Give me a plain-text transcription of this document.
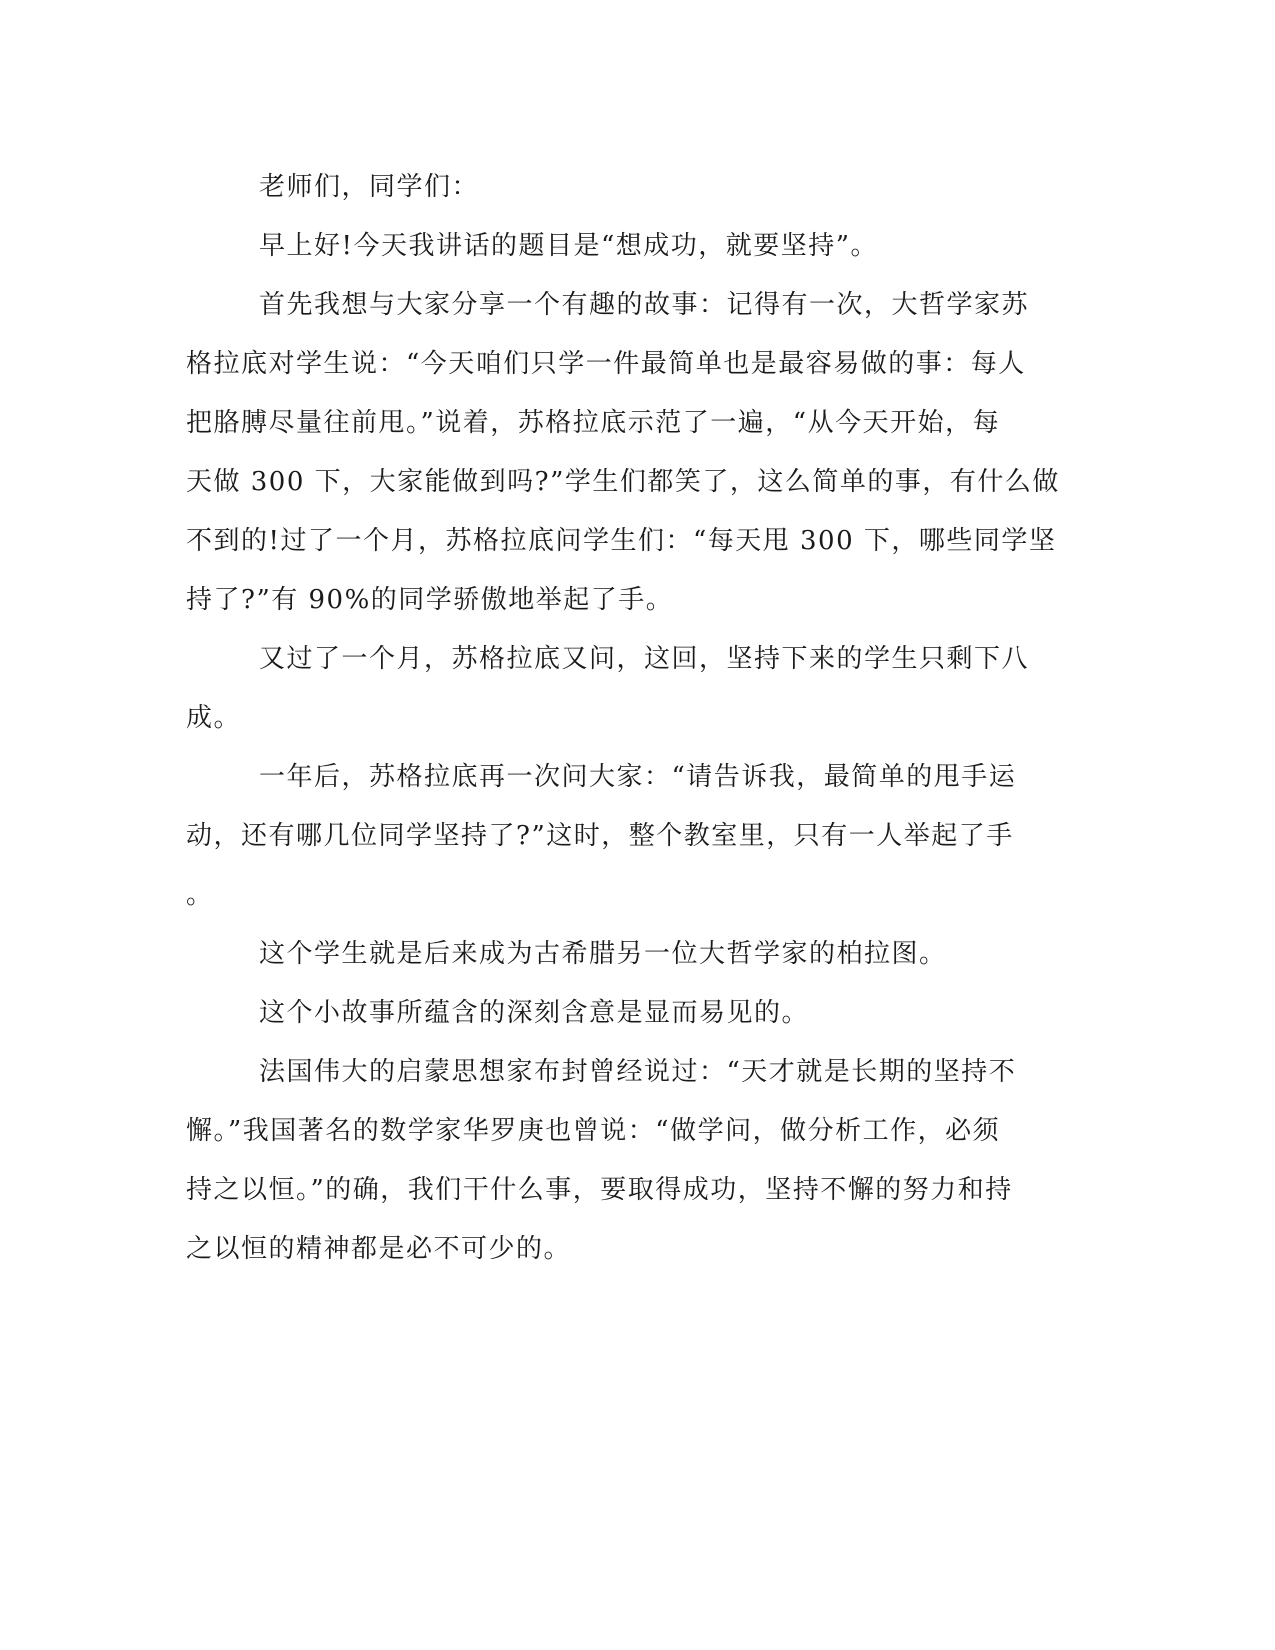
老师们，同学们：

早上好!今天我讲话的题目是“想成功，就要坚持”。

首先我想与大家分享一个有趣的故事：记得有一次，大哲学家苏
格拉底对学生说：“今天咱们只学一件最简单也是最容易做的事：每人
把胳膊尽量往前甩。”说着，苏格拉底示范了一遍，“从今天开始，每
天做 300 下，大家能做到吗?”学生们都笑了，这么简单的事，有什么做
不到的!过了一个月，苏格拉底问学生们：“每天甩 300 下，哪些同学坚
持了?”有 90%的同学骄傲地举起了手。

又过了一个月，苏格拉底又问，这回，坚持下来的学生只剩下八
成。

一年后，苏格拉底再一次问大家：“请告诉我，最简单的甩手运
动，还有哪几位同学坚持了?”这时，整个教室里，只有一人举起了手
。

这个学生就是后来成为古希腊另一位大哲学家的柏拉图。

这个小故事所蕴含的深刻含意是显而易见的。

法国伟大的启蒙思想家布封曾经说过：“天才就是长期的坚持不
懈。”我国著名的数学家华罗庚也曾说：“做学问，做分析工作，必须
持之以恒。”的确，我们干什么事，要取得成功，坚持不懈的努力和持
之以恒的精神都是必不可少的。
